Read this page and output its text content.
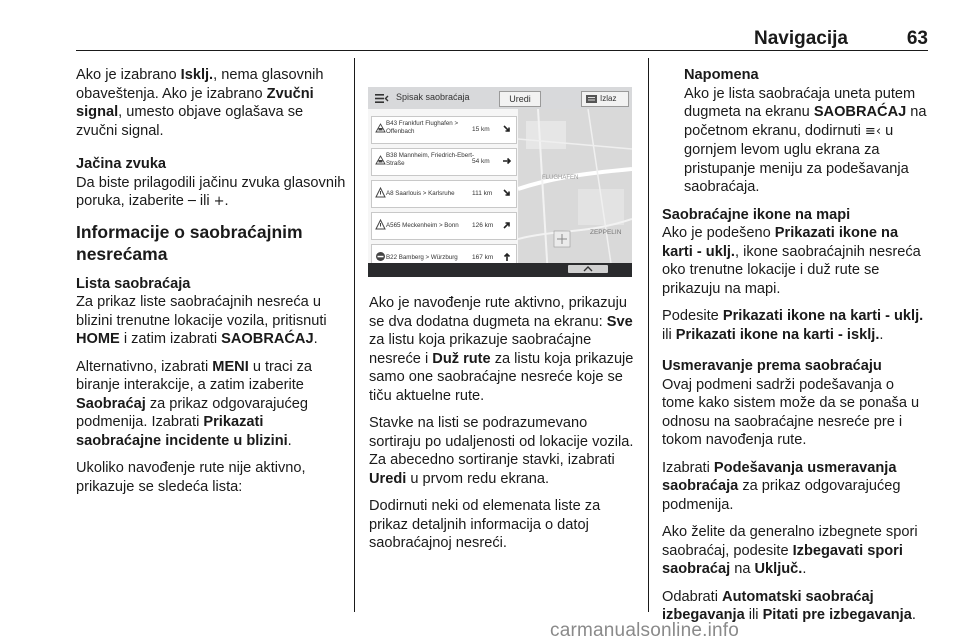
Navigacija	63

Ako je izabrano Isklj., nema glasovnih obaveštenja. Ako je izabrano Zvučni signal, umesto objave oglašava se zvučni signal.

Jačina zvuka

Da biste prilagodili jačinu zvuka glasovnih poruka, izaberite ─ ili +.

Informacije o saobraćajnim nesrećama
Lista saobraćaja

Za prikaz liste saobraćajnih nesreća u blizini trenutne lokacije vozila, pritisnuti HOME i zatim izabrati SAOBRAĆAJ.

Alternativno, izabrati MENI u traci za biranje interakcije, a zatim izaberite Saobraćaj za prikaz odgovarajućeg podmenija. Izabrati Prikazati saobraćajne incidente u blizini.

Ukoliko navođenje rute nije aktivno, prikazuje se sledeća lista:

Spisak saobraćaja	Uredi	Izlaz
FLUGHAFEN
ZEPPELIN
B43 Frankfurt Flughafen > Offenbach	15 km
B38 Mannheim, Friedrich-Ebert-Straße	54 km
A8 Saarlouis > Karlsruhe	111 km
A565 Meckenheim > Bonn	126 km
B22 Bamberg > Würzburg	167 km

Ako je navođenje rute aktivno, prikazuju se dva dodatna dugmeta na ekranu: Sve za listu koja prikazuje saobraćajne nesreće i Duž rute za listu koja prikazuje samo one saobraćajne nesreće koje se tiču aktuelne rute.

Stavke na listi se podrazumevano sortiraju po udaljenosti od lokacije vozila. Za abecedno sortiranje stavki, izabrati Uredi u prvom redu ekrana.

Dodirnuti neki od elemenata liste za prikaz detaljnih informacija o datoj saobraćajnoj nesreći.

Napomena

Ako je lista saobraćaja uneta putem dugmeta na ekranu SAOBRAĆAJ na početnom ekranu, dodirnuti ≡‹ u gornjem levom uglu ekrana za pristupanje meniju za podešavanja saobraćaja.

Saobraćajne ikone na mapi

Ako je podešeno Prikazati ikone na karti - uklj., ikone saobraćajnih nesreća oko trenutne lokacije i duž rute se prikazuju na mapi.

Podesite Prikazati ikone na karti - uklj. ili Prikazati ikone na karti - isklj..

Usmeravanje prema saobraćaju

Ovaj podmeni sadrži podešavanja o tome kako sistem može da se ponaša u odnosu na saobraćajne nesreće pre i tokom navođenja rute.

Izabrati Podešavanja usmeravanja saobraćaja za prikaz odgovarajućeg podmenija.

Ako želite da generalno izbegnete spori saobraćaj, podesite Izbegavati spori saobraćaj na Uključ..

Odabrati Automatski saobraćaj izbegavanja ili Pitati pre izbegavanja.

carmanualsonline.info
